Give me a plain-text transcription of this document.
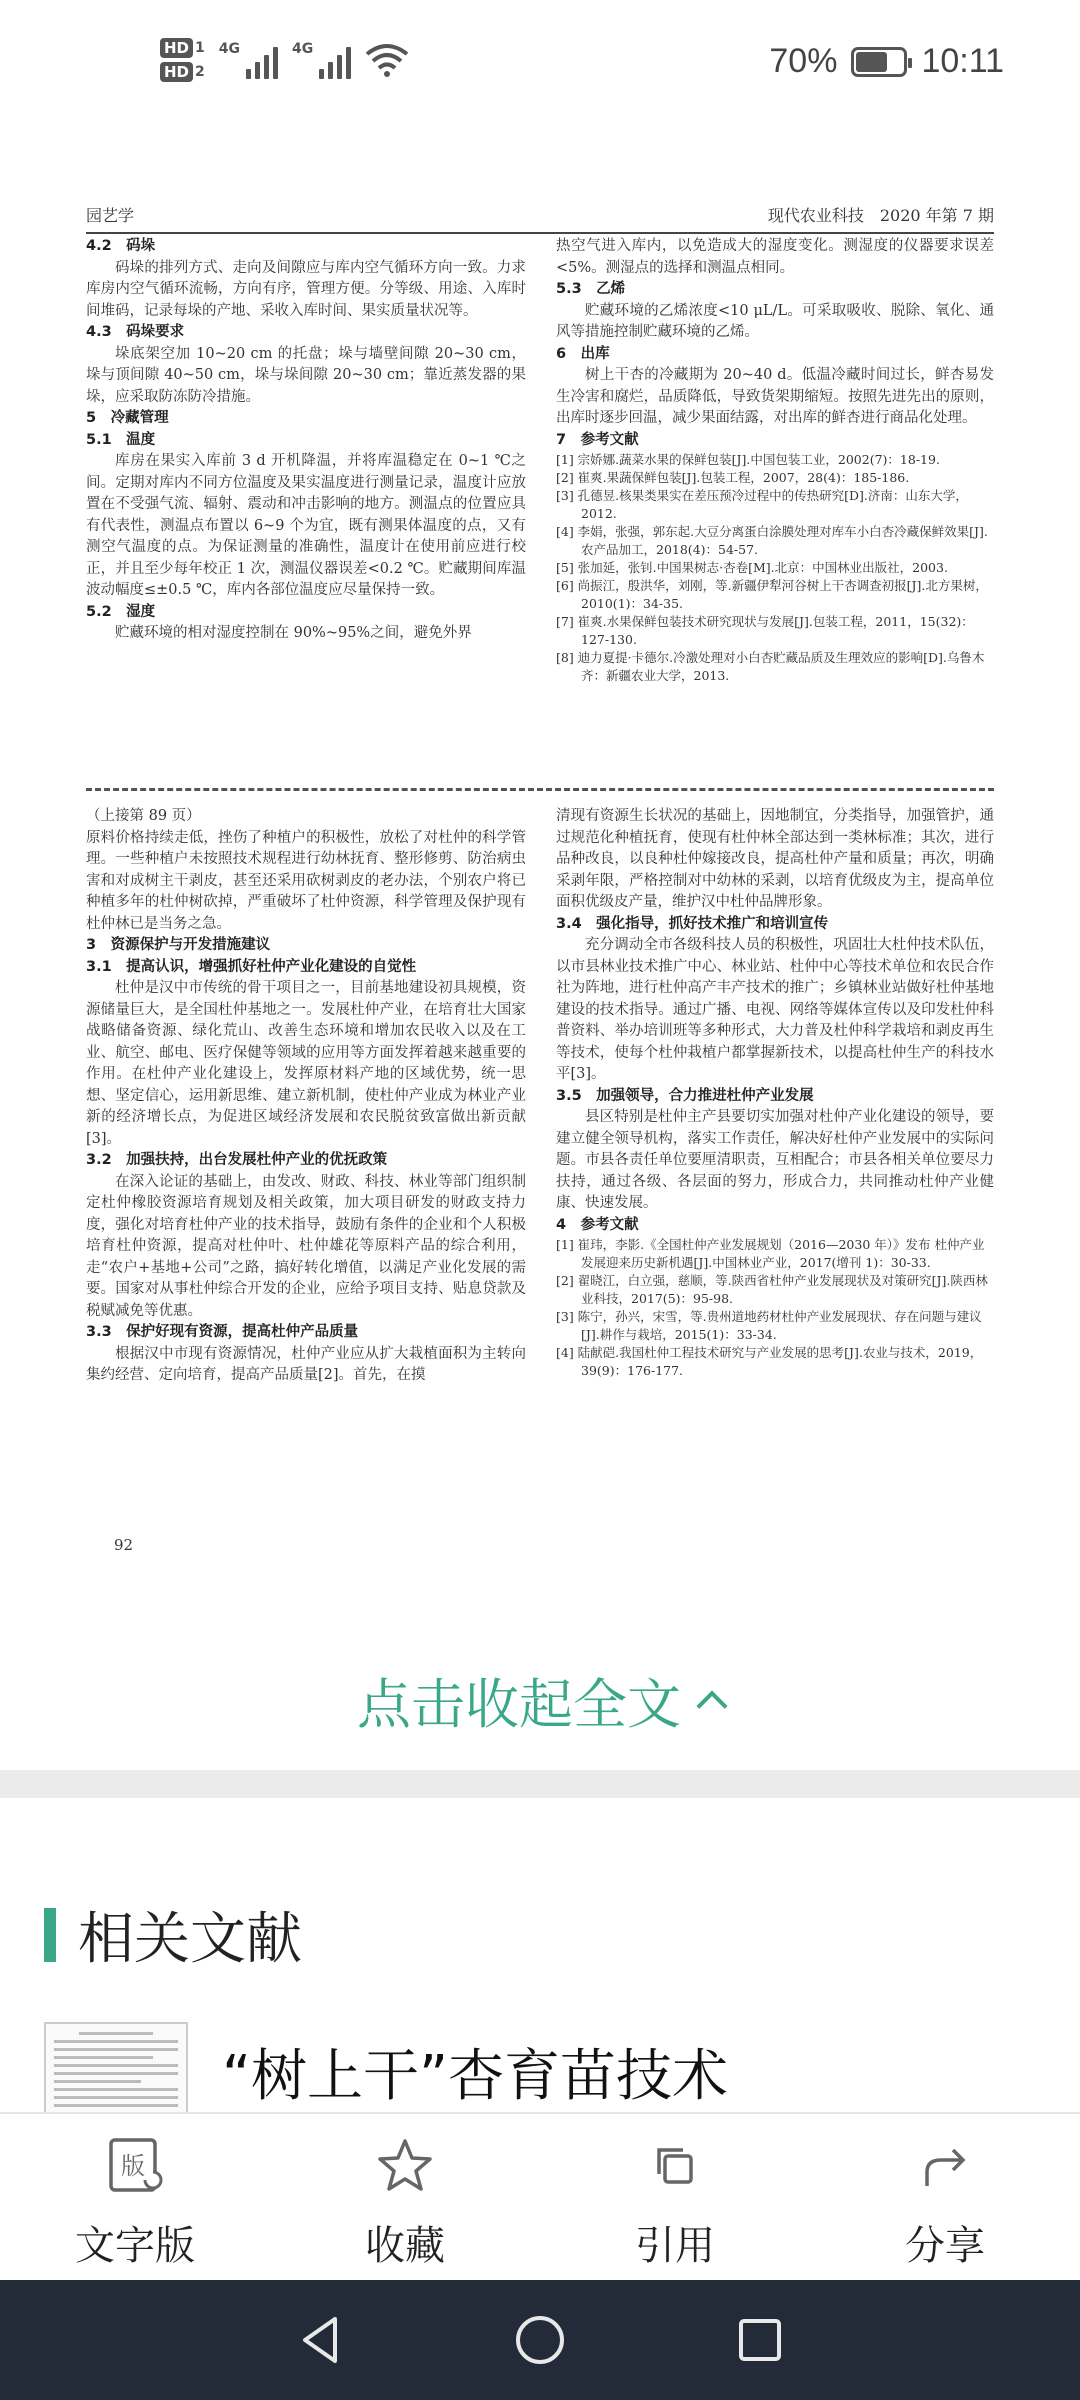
HD 1
HD 2
4G	4G	70% 10:11
园艺学	现代农业科技　2020 年第 7 期
4.2　码垛
码垛的排列方式、走向及间隙应与库内空气循环方向一致。力求库房内空气循环流畅，方向有序，管理方便。分等级、用途、入库时间堆码，记录每垛的产地、采收入库时间、果实质量状况等。
4.3　码垛要求
垛底架空加 10~20 cm 的托盘；垛与墙壁间隙 20~30 cm，垛与顶间隙 40~50 cm，垛与垛间隙 20~30 cm；靠近蒸发器的果垛，应采取防冻防冷措施。
5　冷藏管理
5.1　温度
库房在果实入库前 3 d 开机降温，并将库温稳定在 0~1 ℃之间。定期对库内不同方位温度及果实温度进行测量记录，温度计应放置在不受强气流、辐射、震动和冲击影响的地方。测温点的位置应具有代表性，测温点布置以 6~9 个为宜，既有测果体温度的点，又有测空气温度的点。为保证测量的准确性，温度计在使用前应进行校正，并且至少每年校正 1 次，测温仪器误差<0.2 ℃。贮藏期间库温波动幅度≤±0.5 ℃，库内各部位温度应尽量保持一致。
5.2　湿度
贮藏环境的相对湿度控制在 90%~95%之间，避免外界
热空气进入库内，以免造成大的湿度变化。测湿度的仪器要求误差<5%。测湿点的选择和测温点相同。
5.3　乙烯
贮藏环境的乙烯浓度<10 μL/L。可采取吸收、脱除、氧化、通风等措施控制贮藏环境的乙烯。
6　出库
树上干杏的冷藏期为 20~40 d。低温冷藏时间过长，鲜杏易发生冷害和腐烂，品质降低，导致货架期缩短。按照先进先出的原则，出库时逐步回温，减少果面结露，对出库的鲜杏进行商品化处理。
7　参考文献
[1] 宗娇娜.蔬菜水果的保鲜包装[J].中国包装工业，2002(7)：18-19.
[2] 崔爽.果蔬保鲜包装[J].包装工程，2007，28(4)：185-186.
[3] 孔德昱.核果类果实在差压预冷过程中的传热研究[D].济南：山东大学，2012.
[4] 李娟，张强，郭东起.大豆分离蛋白涂膜处理对库车小白杏冷藏保鲜效果[J].农产品加工，2018(4)：54-57.
[5] 张加延，张钊.中国果树志·杏卷[M].北京：中国林业出版社，2003.
[6] 尚振江，殷洪华，刘刚，等.新疆伊犁河谷树上干杏调查初报[J].北方果树，2010(1)：34-35.
[7] 崔爽.水果保鲜包装技术研究现状与发展[J].包装工程，2011，15(32)：127-130.
[8] 迪力夏提·卡德尔.冷激处理对小白杏贮藏品质及生理效应的影响[D].乌鲁木齐：新疆农业大学，2013.
（上接第 89 页）
原料价格持续走低，挫伤了种植户的积极性，放松了对杜仲的科学管理。一些种植户未按照技术规程进行幼林抚育、整形修剪、防治病虫害和对成树主干剥皮，甚至还采用砍树剥皮的老办法，个别农户将已种植多年的杜仲树砍掉，严重破坏了杜仲资源，科学管理及保护现有杜仲林已是当务之急。
3　资源保护与开发措施建议
3.1　提高认识，增强抓好杜仲产业化建设的自觉性
杜仲是汉中市传统的骨干项目之一，目前基地建设初具规模，资源储量巨大，是全国杜仲基地之一。发展杜仲产业，在培育壮大国家战略储备资源、绿化荒山、改善生态环境和增加农民收入以及在工业、航空、邮电、医疗保健等领域的应用等方面发挥着越来越重要的作用。在杜仲产业化建设上，发挥原材料产地的区域优势，统一思想、坚定信心，运用新思维、建立新机制，使杜仲产业成为林业产业新的经济增长点，为促进区域经济发展和农民脱贫致富做出新贡献[3]。
3.2　加强扶持，出台发展杜仲产业的优抚政策
在深入论证的基础上，由发改、财政、科技、林业等部门组织制定杜仲橡胶资源培育规划及相关政策，加大项目研发的财政支持力度，强化对培育杜仲产业的技术指导，鼓励有条件的企业和个人积极培育杜仲资源，提高对杜仲叶、杜仲雄花等原料产品的综合利用，走“农户+基地+公司”之路，搞好转化增值，以满足产业化发展的需要。国家对从事杜仲综合开发的企业，应给予项目支持、贴息贷款及税赋减免等优惠。
3.3　保护好现有资源，提高杜仲产品质量
根据汉中市现有资源情况，杜仲产业应从扩大栽植面积为主转向集约经营、定向培育，提高产品质量[2]。首先，在摸
清现有资源生长状况的基础上，因地制宜，分类指导，加强管护，通过规范化种植抚育，使现有杜仲林全部达到一类林标准；其次，进行品种改良，以良种杜仲嫁接改良，提高杜仲产量和质量；再次，明确采剥年限，严格控制对中幼林的采剥，以培育优级皮为主，提高单位面积优级皮产量，维护汉中杜仲品牌形象。
3.4　强化指导，抓好技术推广和培训宣传
充分调动全市各级科技人员的积极性，巩固壮大杜仲技术队伍，以市县林业技术推广中心、林业站、杜仲中心等技术单位和农民合作社为阵地，进行杜仲高产丰产技术的推广；乡镇林业站做好杜仲基地建设的技术指导。通过广播、电视、网络等媒体宣传以及印发杜仲科普资料、举办培训班等多种形式，大力普及杜仲科学栽培和剥皮再生等技术，使每个杜仲栽植户都掌握新技术，以提高杜仲生产的科技水平[3]。
3.5　加强领导，合力推进杜仲产业发展
县区特别是杜仲主产县要切实加强对杜仲产业化建设的领导，要建立健全领导机构，落实工作责任，解决好杜仲产业发展中的实际问题。市县各责任单位要厘清职责，互相配合；市县各相关单位要尽力扶持，通过各级、各层面的努力，形成合力，共同推动杜仲产业健康、快速发展。
4　参考文献
[1] 崔玮，李影.《全国杜仲产业发展规划（2016—2030 年）》发布 杜仲产业发展迎来历史新机遇[J].中国林业产业，2017(增刊 1)：30-33.
[2] 翟晓江，白立强，慈顺，等.陕西省杜仲产业发展现状及对策研究[J].陕西林业科技，2017(5)：95-98.
[3] 陈宁，孙兴，宋雪，等.贵州道地药材杜仲产业发展现状、存在问题与建议[J].耕作与栽培，2015(1)：33-34.
[4] 陆献硙.我国杜仲工程技术研究与产业发展的思考[J].农业与技术，2019，39(9)：176-177.
92
点击收起全文
相关文献
“树上干”杏育苗技术
版
文字版	收藏	引用	分享
